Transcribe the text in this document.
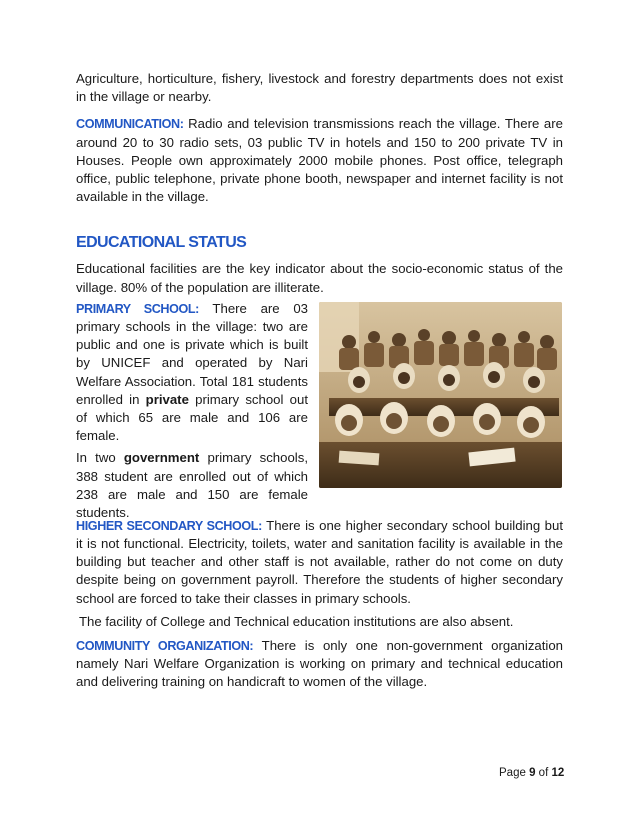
Agriculture, horticulture, fishery, livestock and forestry departments does not exist in the village or nearby.

COMMUNICATION: Radio and television transmissions reach the village. There are around 20 to 30 radio sets, 03 public TV in hotels and 150 to 200 private TV in Houses. People own approximately 2000 mobile phones. Post office, telegraph office, public telephone, private phone booth, newspaper and internet facility is not available in the village.

EDUCATIONAL STATUS

Educational facilities are the key indicator about the socio-economic status of the village. 80% of the population are illiterate.

PRIMARY SCHOOL: There are 03 primary schools in the village: two are public and one is private which is built by UNICEF and operated by Nari Welfare Association. Total 181 students enrolled in private primary school out of which 65 are male and 106 are female.

In two government primary schools, 388 student are enrolled out of which 238 are male and 150 are female students.

HIGHER SECONDARY SCHOOL: There is one higher secondary school building but it is not functional. Electricity, toilets, water and sanitation facility is available in the building but teacher and other staff is not available, rather do not come on duty despite being on government payroll. Therefore the students of higher secondary school are forced to take their classes in primary schools.

The facility of College and Technical education institutions are also absent.

COMMUNITY ORGANIZATION: There is only one non-government organization namely Nari Welfare Organization is working on primary and technical education and delivering training on handicraft to women of the village.

Page 9 of 12
